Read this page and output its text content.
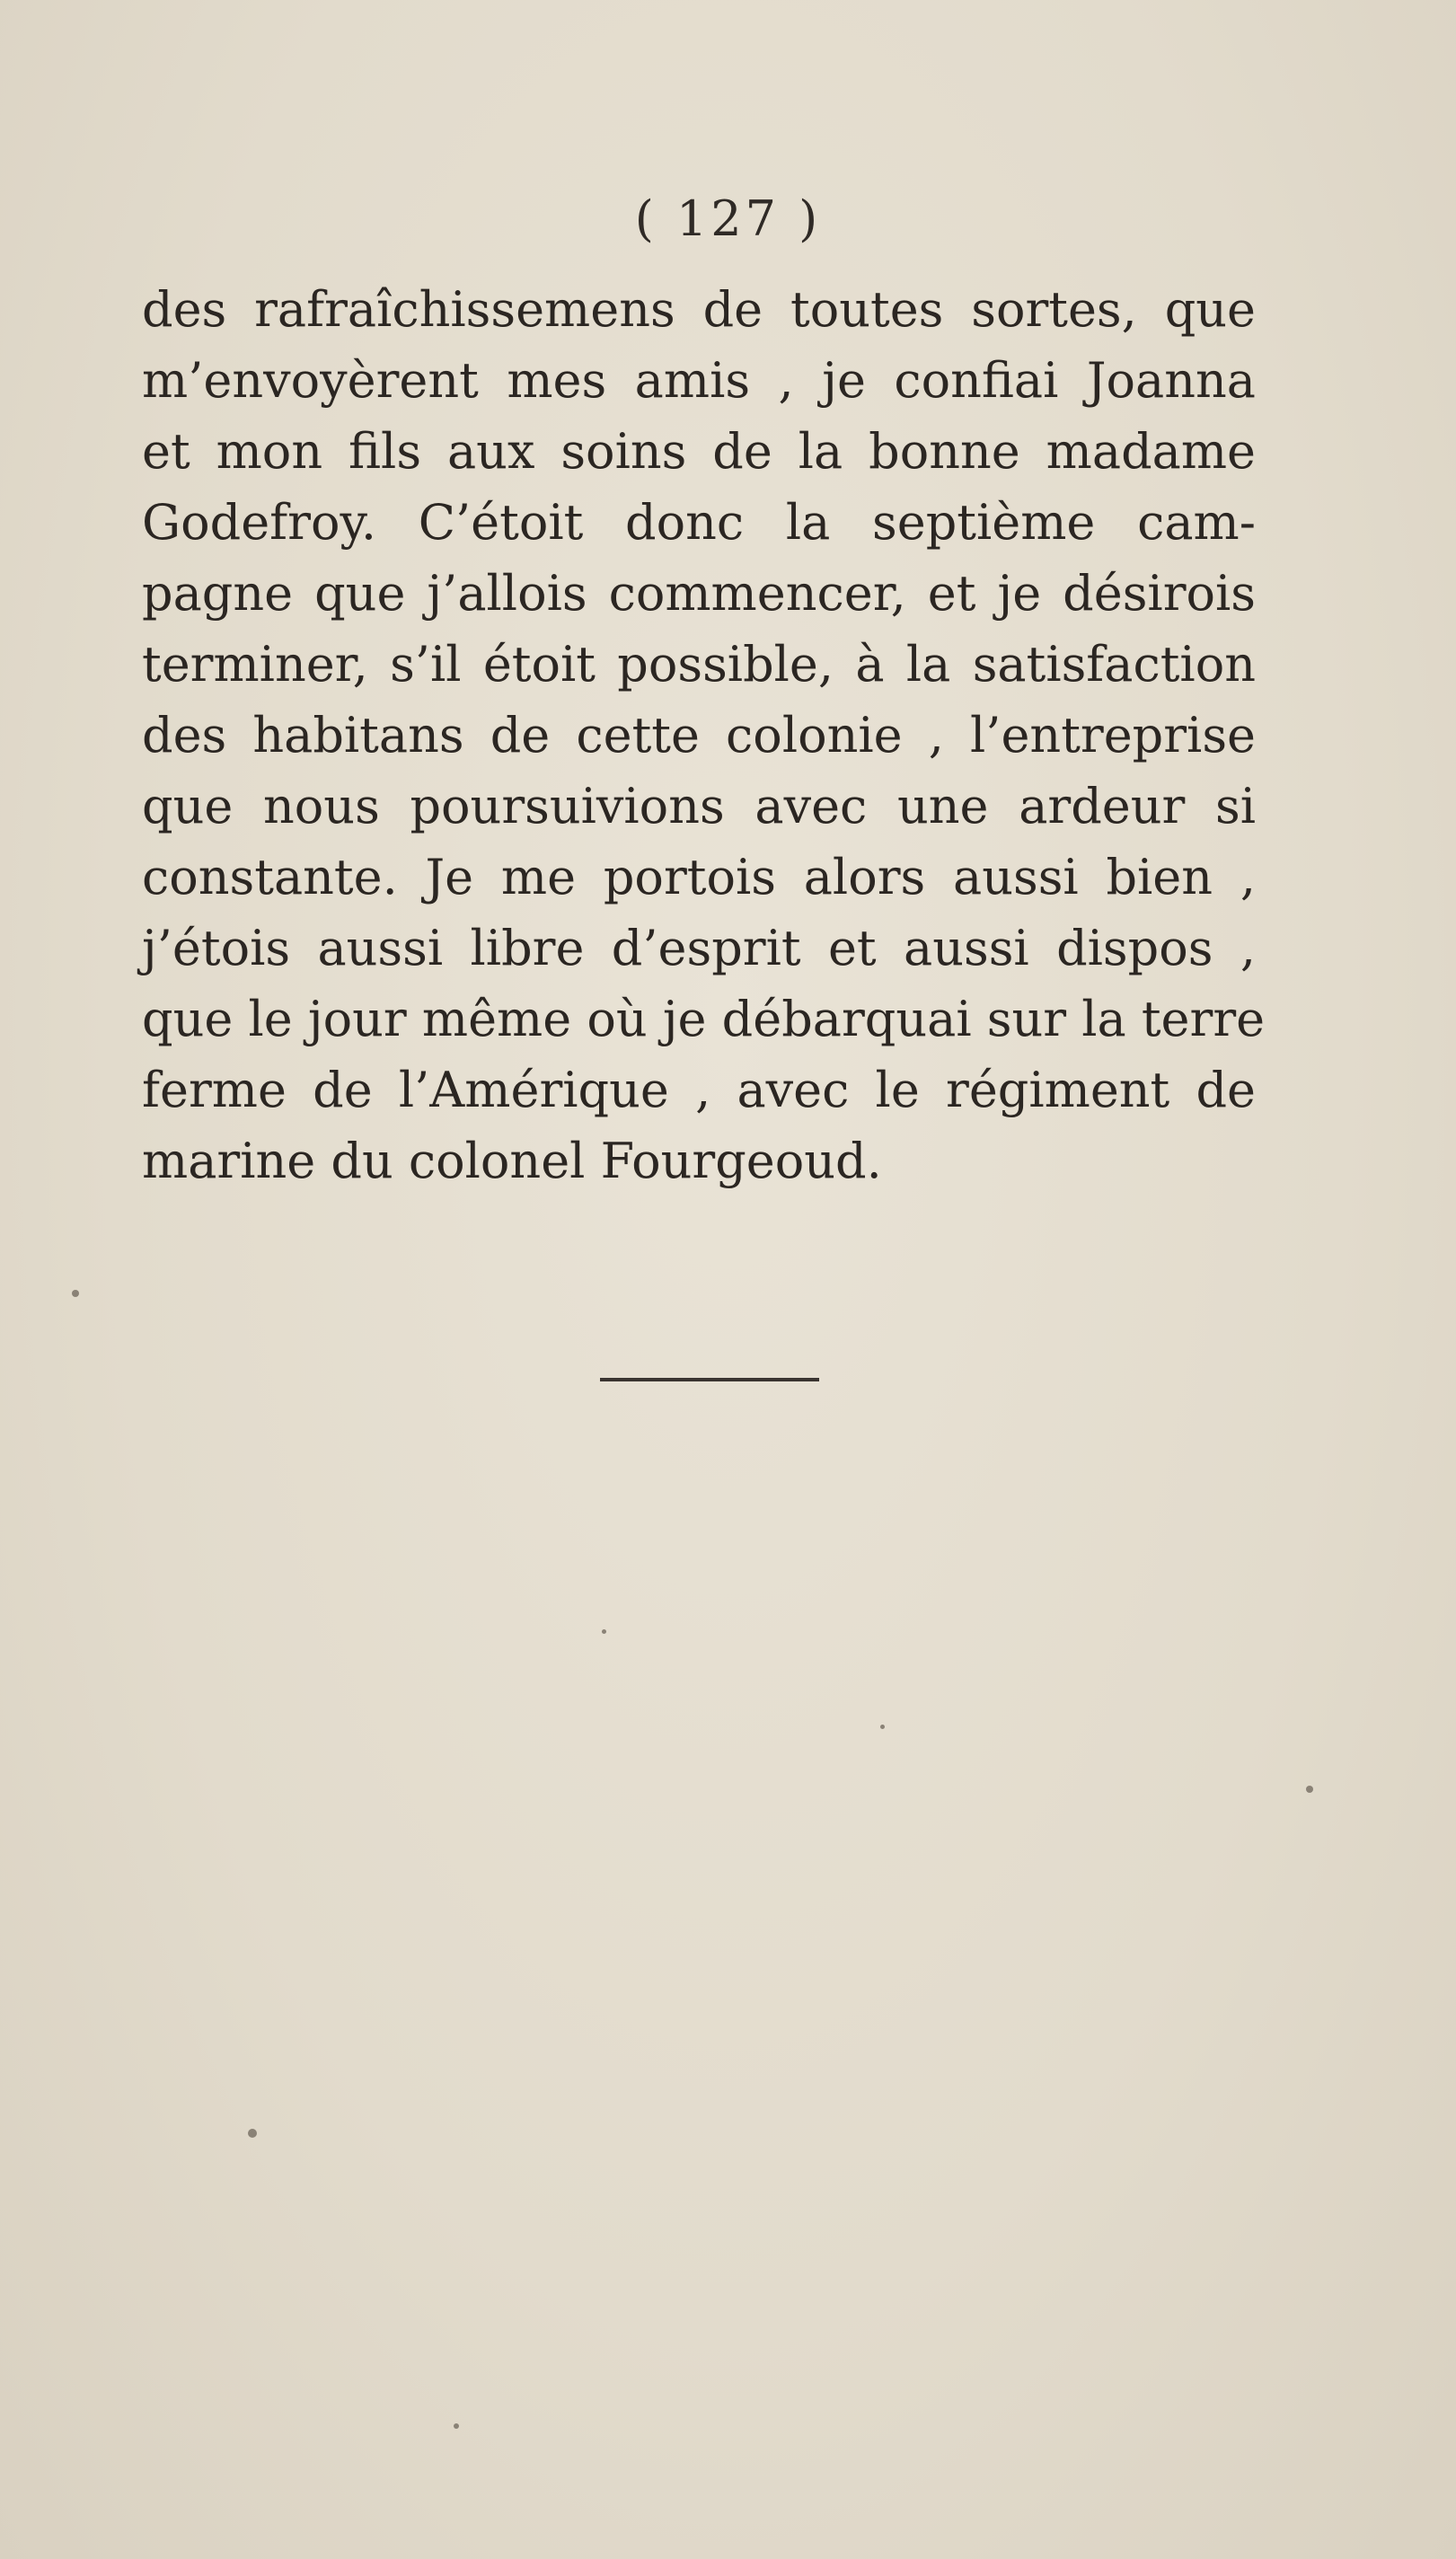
( 127 )
des rafraîchissemens de toutes sortes, que
m’envoyèrent mes amis , je confiai Joanna
et mon fils aux soins de la bonne madame
Godefroy. C’étoit donc la septième cam-
pagne que j’allois commencer, et je désirois
terminer, s’il étoit possible, à la satisfaction
des habitans de cette colonie , l’entreprise
que nous poursuivions avec une ardeur si
constante. Je me portois alors aussi bien ,
j’étois aussi libre d’esprit et aussi dispos ,
que le jour même où je débarquai sur la terre
ferme de l’Amérique , avec le régiment de
marine du colonel Fourgeoud.
